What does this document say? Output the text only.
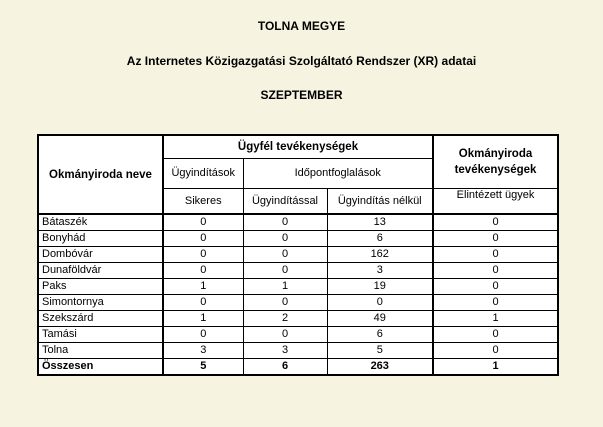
TOLNA MEGYE
Az Internetes Közigazgatási Szolgáltató Rendszer (XR) adatai
SZEPTEMBER
Okmányiroda neve	Ügyfél tevékenységek			Okmányiroda tevékenységek
	Ügyindítások	Időpontfoglalások		
	Sikeres	Ügyindítással	Ügyindítás nélkül	Elintézett ügyek
Bátaszék	0	0	13	0
Bonyhád	0	0	6	0
Dombóvár	0	0	162	0
Dunaföldvár	0	0	3	0
Paks	1	1	19	0
Simontornya	0	0	0	0
Szekszárd	1	2	49	1
Tamási	0	0	6	0
Tolna	3	3	5	0
Összesen	5	6	263	1
